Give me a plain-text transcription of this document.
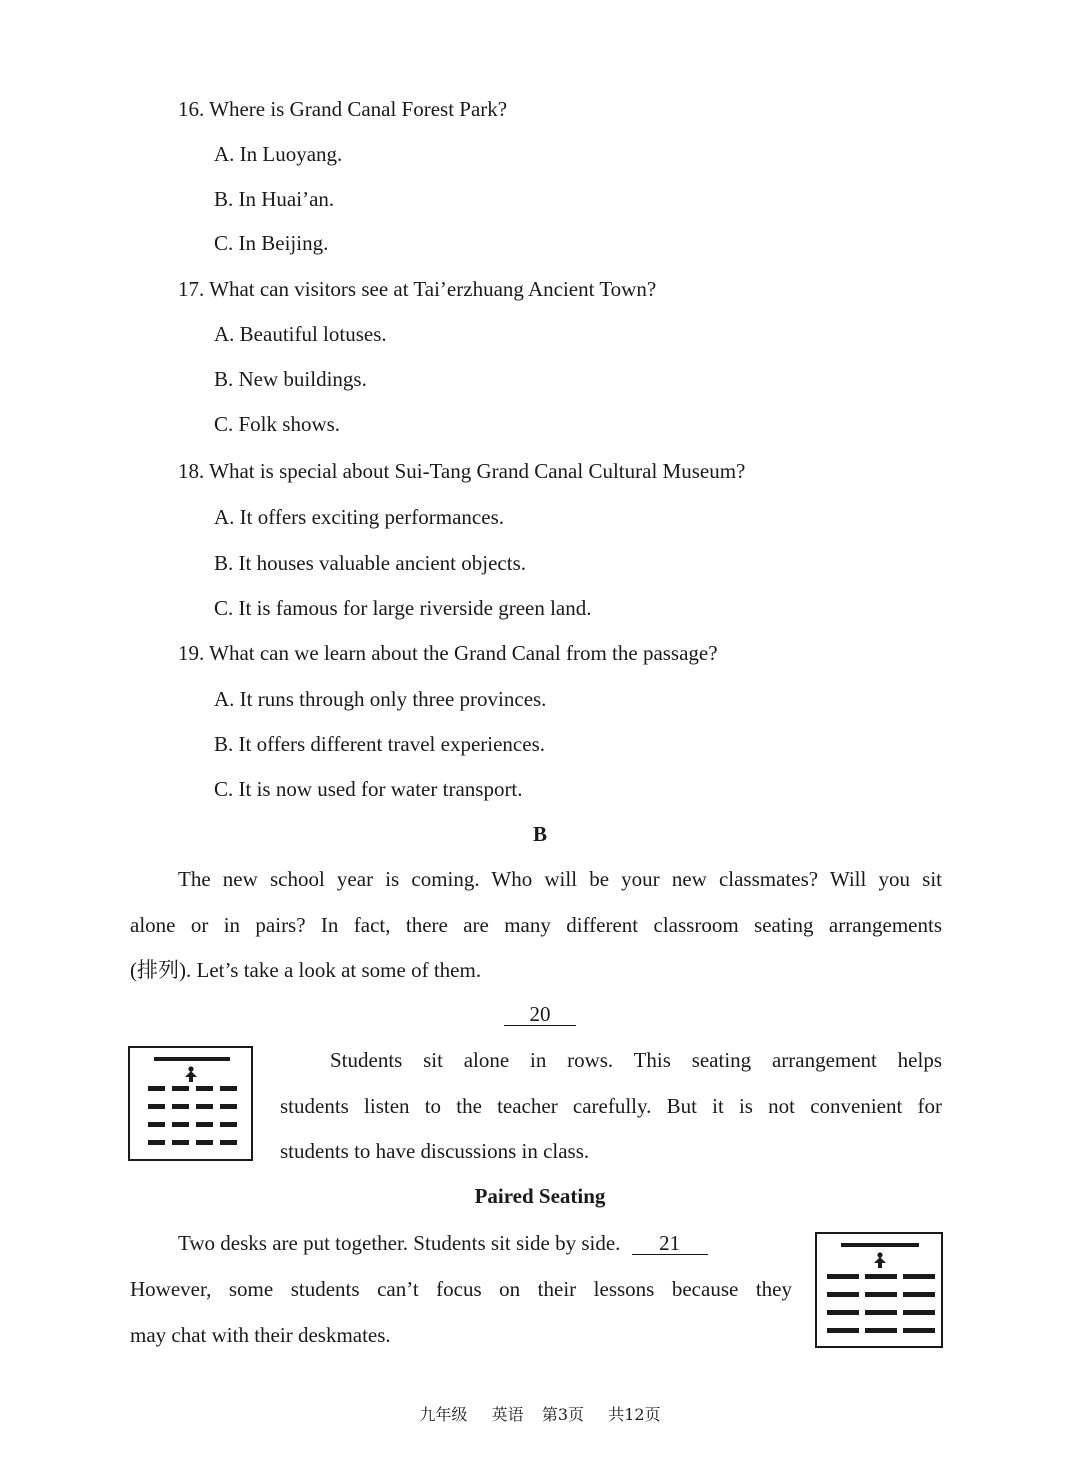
16. Where is Grand Canal Forest Park?
A. In Luoyang.
B. In Huai’an.
C. In Beijing.
17. What can visitors see at Tai’erzhuang Ancient Town?
A. Beautiful lotuses.
B. New buildings.
C. Folk shows.
18. What is special about Sui-Tang Grand Canal Cultural Museum?
A. It offers exciting performances.
B. It houses valuable ancient objects.
C. It is famous for large riverside green land.
19. What can we learn about the Grand Canal from the passage?
A. It runs through only three provinces.
B. It offers different travel experiences.
C. It is now used for water transport.
B
The new school year is coming. Who will be your new classmates? Will you sit
alone or in pairs? In fact, there are many different classroom seating arrangements
(排列). Let’s take a look at some of them.
20
Students sit alone in rows. This seating arrangement helps
students listen to the teacher carefully. But it is not convenient for
students to have discussions in class.
Paired Seating
Two desks are put together. Students sit side by side. 21
However, some students can’t focus on their lessons because they
may chat with their deskmates.
九年级 英语 第3页 共12页
